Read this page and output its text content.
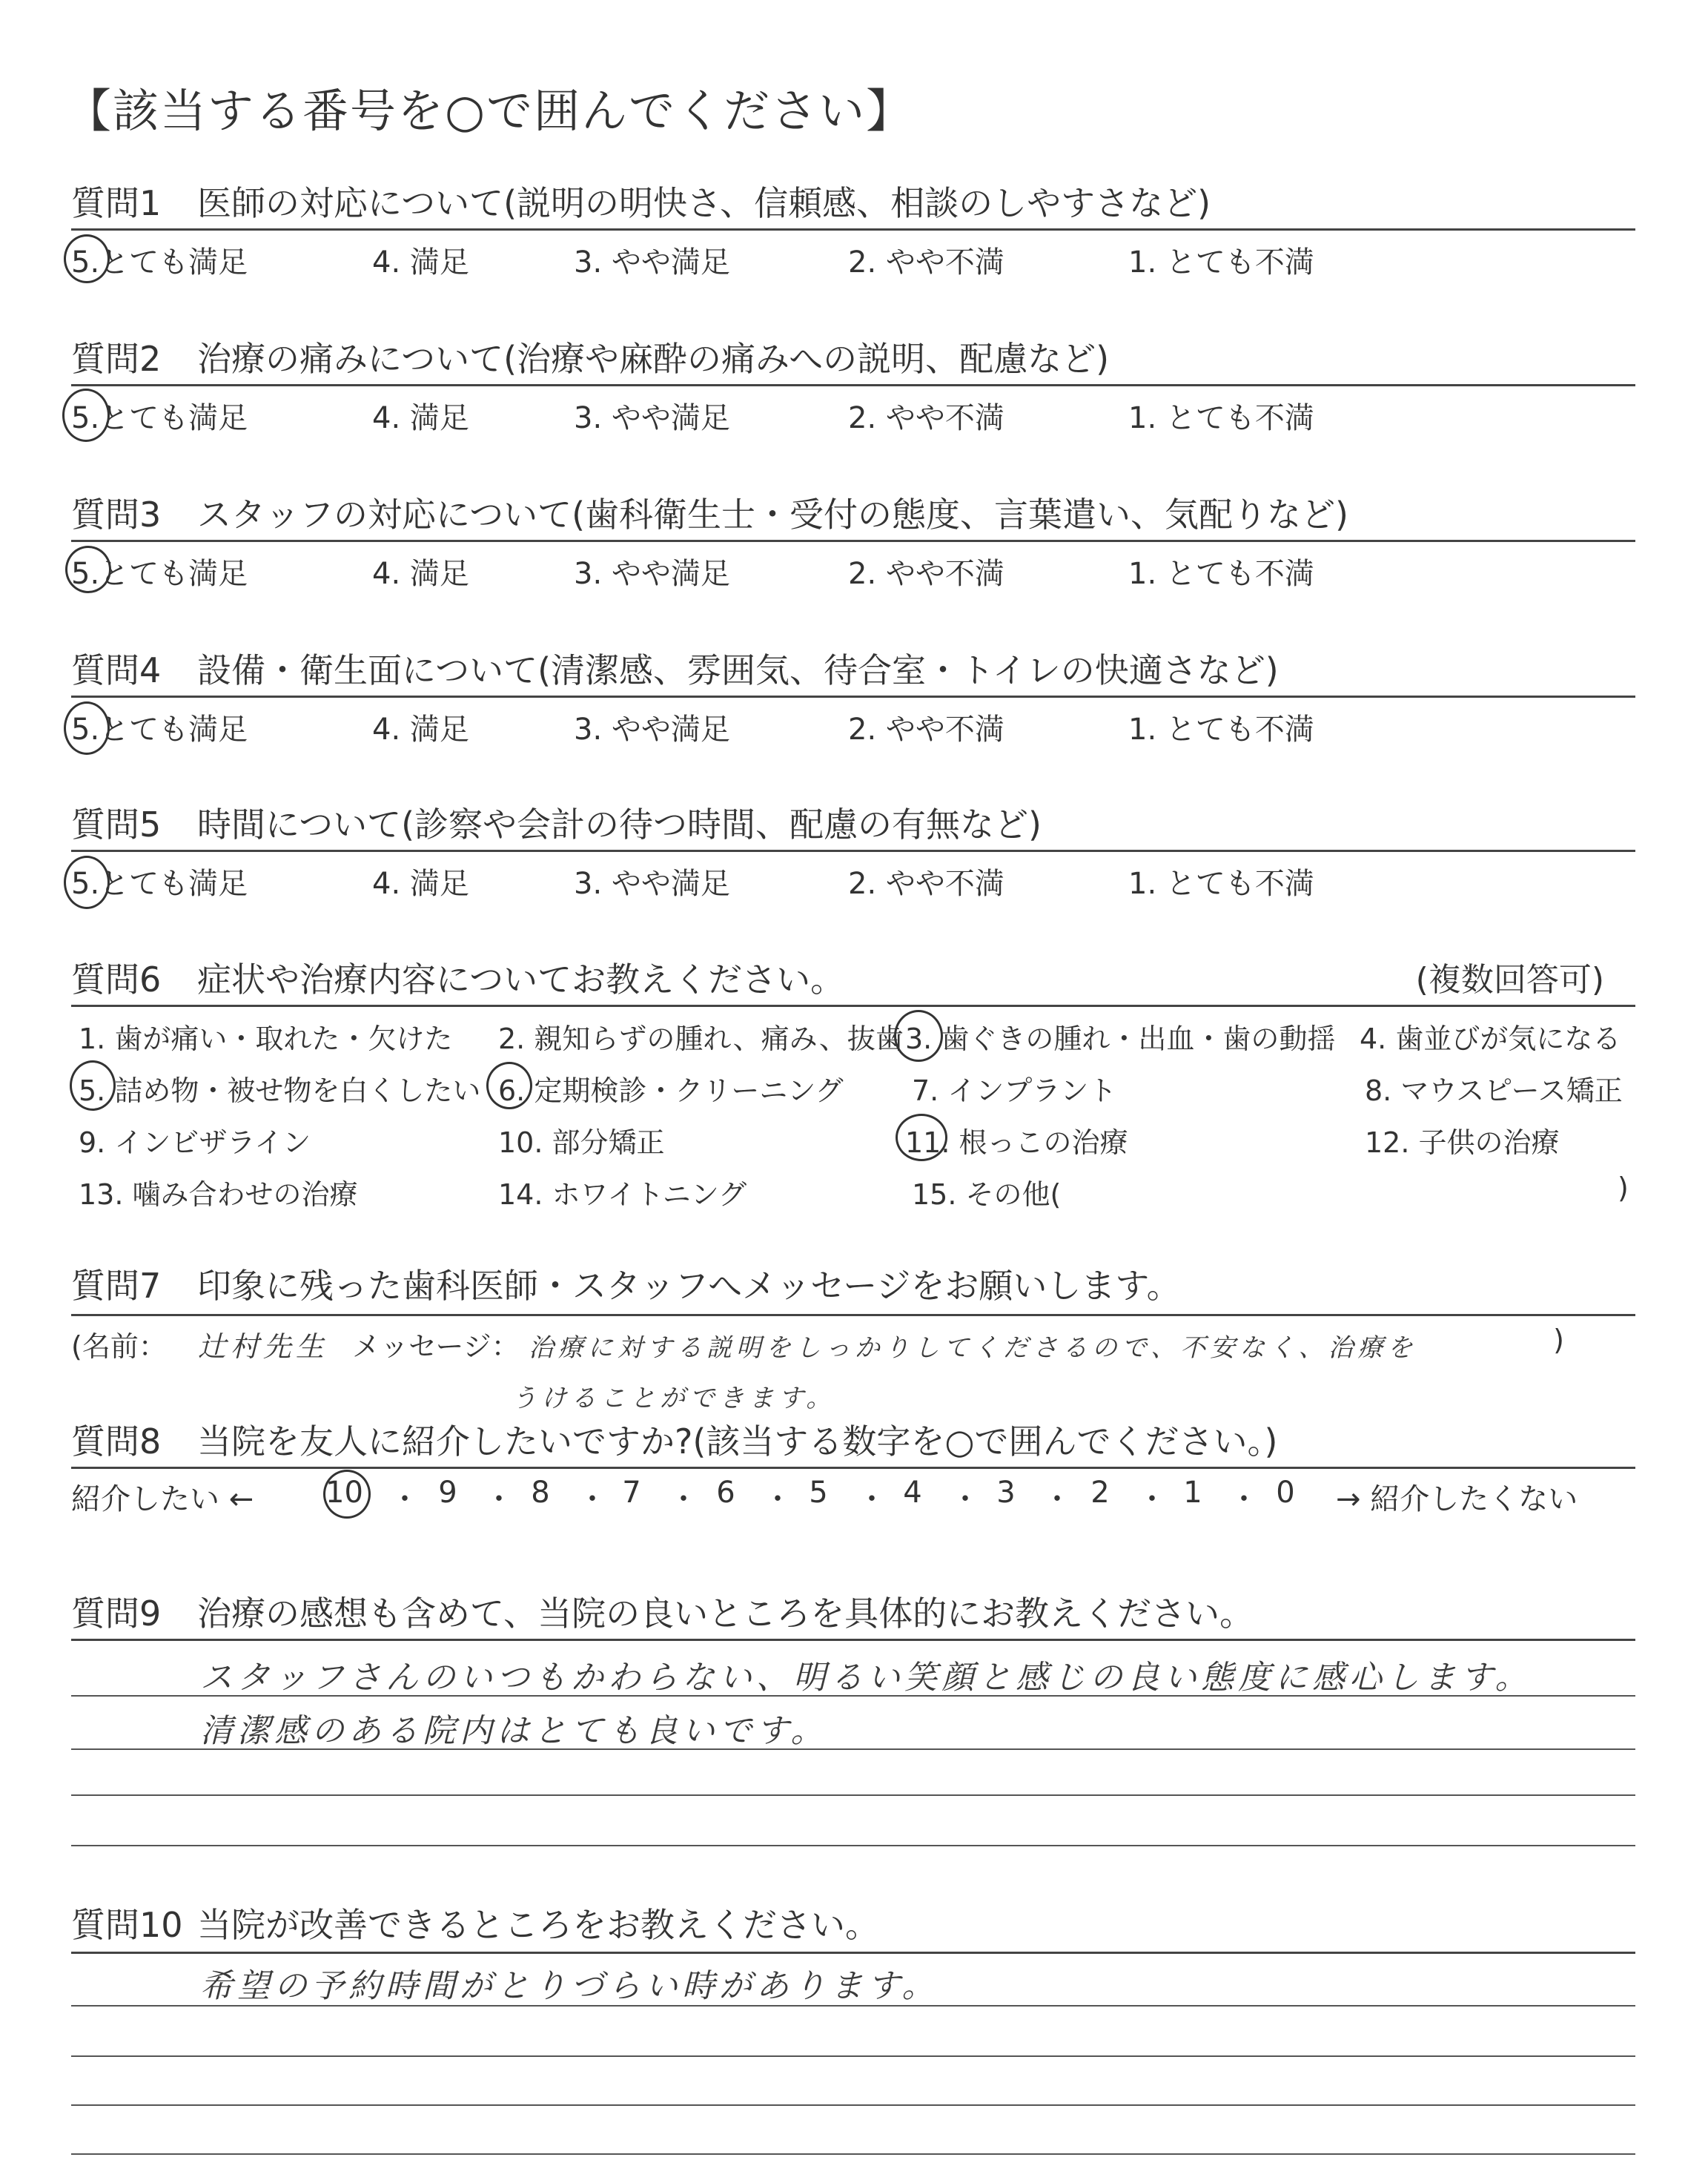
【該当する番号を○で囲んでください】
質問1 医師の対応について(説明の明快さ、信頼感、相談のしやすさなど)
5.とても満足	4. 満足	3. やや満足	2. やや不満	1. とても不満
質問2 治療の痛みについて(治療や麻酔の痛みへの説明、配慮など)
5.とても満足	4. 満足	3. やや満足	2. やや不満	1. とても不満
質問3 スタッフの対応について(歯科衛生士・受付の態度、言葉遣い、気配りなど)
5.とても満足	4. 満足	3. やや満足	2. やや不満	1. とても不満
質問4 設備・衛生面について(清潔感、雰囲気、待合室・トイレの快適さなど)
5.とても満足	4. 満足	3. やや満足	2. やや不満	1. とても不満
質問5 時間について(診察や会計の待つ時間、配慮の有無など)
5.とても満足	4. 満足	3. やや満足	2. やや不満	1. とても不満
質問6 症状や治療内容についてお教えください。	(複数回答可)
1. 歯が痛い・取れた・欠けた 2. 親知らずの腫れ、痛み、抜歯 3. 歯ぐきの腫れ・出血・歯の動揺 4. 歯並びが気になる
5. 詰め物・被せ物を白くしたい 6. 定期検診・クリーニング 7. インプラント	8. マウスピース矯正
9. インビザライン	10. 部分矯正	11. 根っこの治療	12. 子供の治療
13. 噛み合わせの治療	14. ホワイトニング	15. その他(	)
質問7 印象に残った歯科医師・スタッフへメッセージをお願いします。
(名前： 辻村先生 メッセージ： 治療に対する説明をしっかりしてくださるので、不安なく、治療を	)
うけることができます。
質問8 当院を友人に紹介したいですか?(該当する数字を○で囲んでください。)
紹介したい ← 10 ・ 9 ・ 8 ・ 7 ・ 6 ・ 5 ・ 4 ・ 3 ・ 2 ・ 1 ・ 0	→ 紹介したくない
質問9 治療の感想も含めて、当院の良いところを具体的にお教えください。
スタッフさんのいつもかわらない、明るい笑顔と感じの良い態度に感心します。
清潔感のある院内はとても良いです。
質問10 当院が改善できるところをお教えください。
希望の予約時間がとりづらい時があります。
